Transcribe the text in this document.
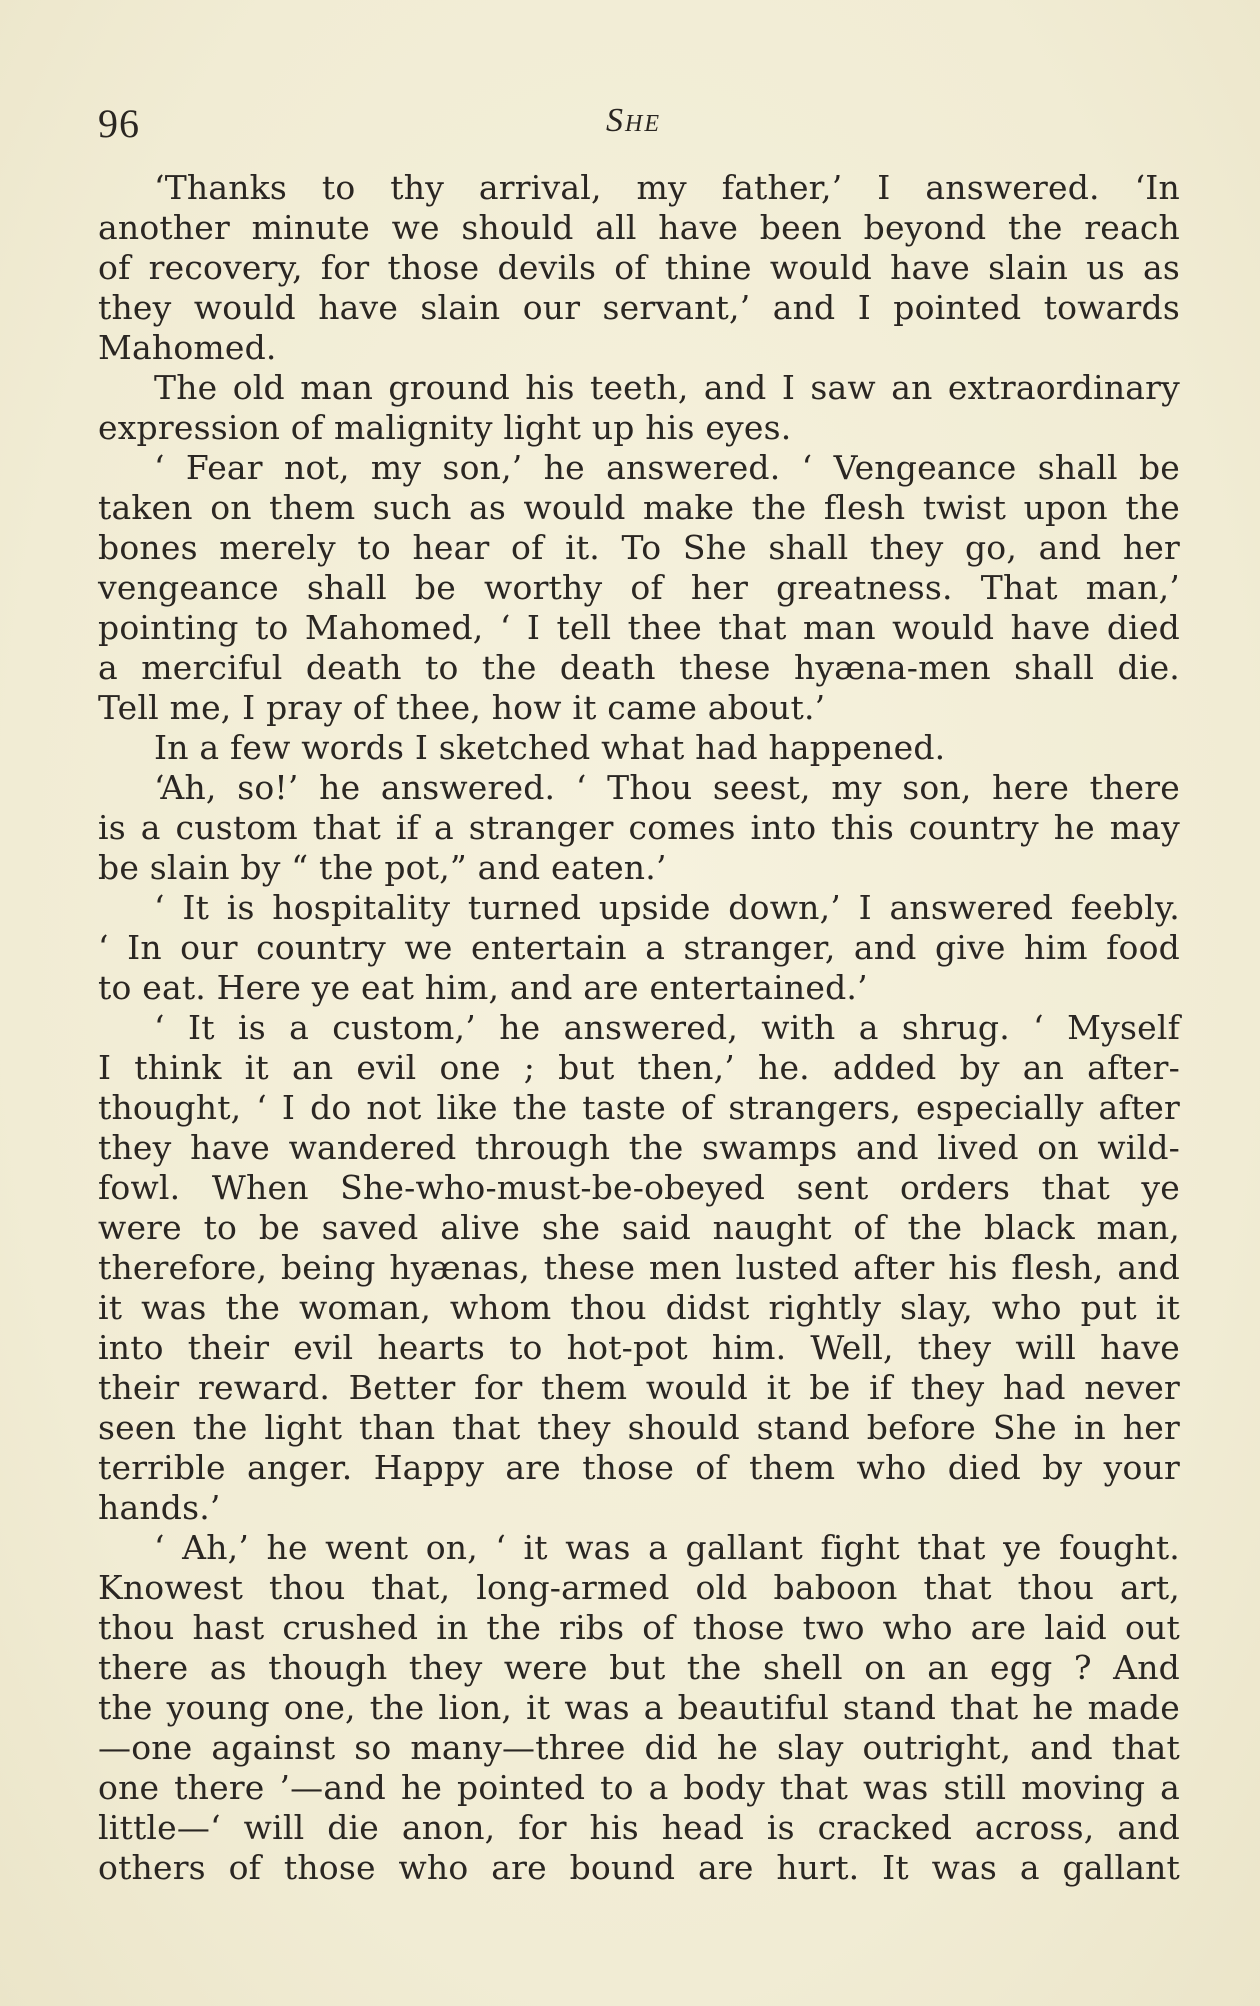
96	She
‘Thanks to thy arrival, my father,’ I answered. ‘In
another minute we should all have been beyond the reach
of recovery, for those devils of thine would have slain us as
they would have slain our servant,’ and I pointed towards
Mahomed.
The old man ground his teeth, and I saw an extraordinary
expression of malignity light up his eyes.
‘ Fear not, my son,’ he answered. ‘ Vengeance shall be
taken on them such as would make the flesh twist upon the
bones merely to hear of it. To She shall they go, and her
vengeance shall be worthy of her greatness. That man,’
pointing to Mahomed, ‘ I tell thee that man would have died
a merciful death to the death these hyæna-men shall die.
Tell me, I pray of thee, how it came about.’
In a few words I sketched what had happened.
‘Ah, so!’ he answered. ‘ Thou seest, my son, here there
is a custom that if a stranger comes into this country he may
be slain by “ the pot,” and eaten.’
‘ It is hospitality turned upside down,’ I answered feebly.
‘ In our country we entertain a stranger, and give him food
to eat. Here ye eat him, and are entertained.’
‘ It is a custom,’ he answered, with a shrug. ‘ Myself
I think it an evil one ; but then,’ he. added by an after-
thought, ‘ I do not like the taste of strangers, especially after
they have wandered through the swamps and lived on wild-
fowl. When She-who-must-be-obeyed sent orders that ye
were to be saved alive she said naught of the black man,
therefore, being hyænas, these men lusted after his flesh, and
it was the woman, whom thou didst rightly slay, who put it
into their evil hearts to hot-pot him. Well, they will have
their reward. Better for them would it be if they had never
seen the light than that they should stand before She in her
terrible anger. Happy are those of them who died by your
hands.’
‘ Ah,’ he went on, ‘ it was a gallant fight that ye fought.
Knowest thou that, long-armed old baboon that thou art,
thou hast crushed in the ribs of those two who are laid out
there as though they were but the shell on an egg ? And
the young one, the lion, it was a beautiful stand that he made
—one against so many—three did he slay outright, and that
one there ’—and he pointed to a body that was still moving a
little—‘ will die anon, for his head is cracked across, and
others of those who are bound are hurt. It was a gallant
